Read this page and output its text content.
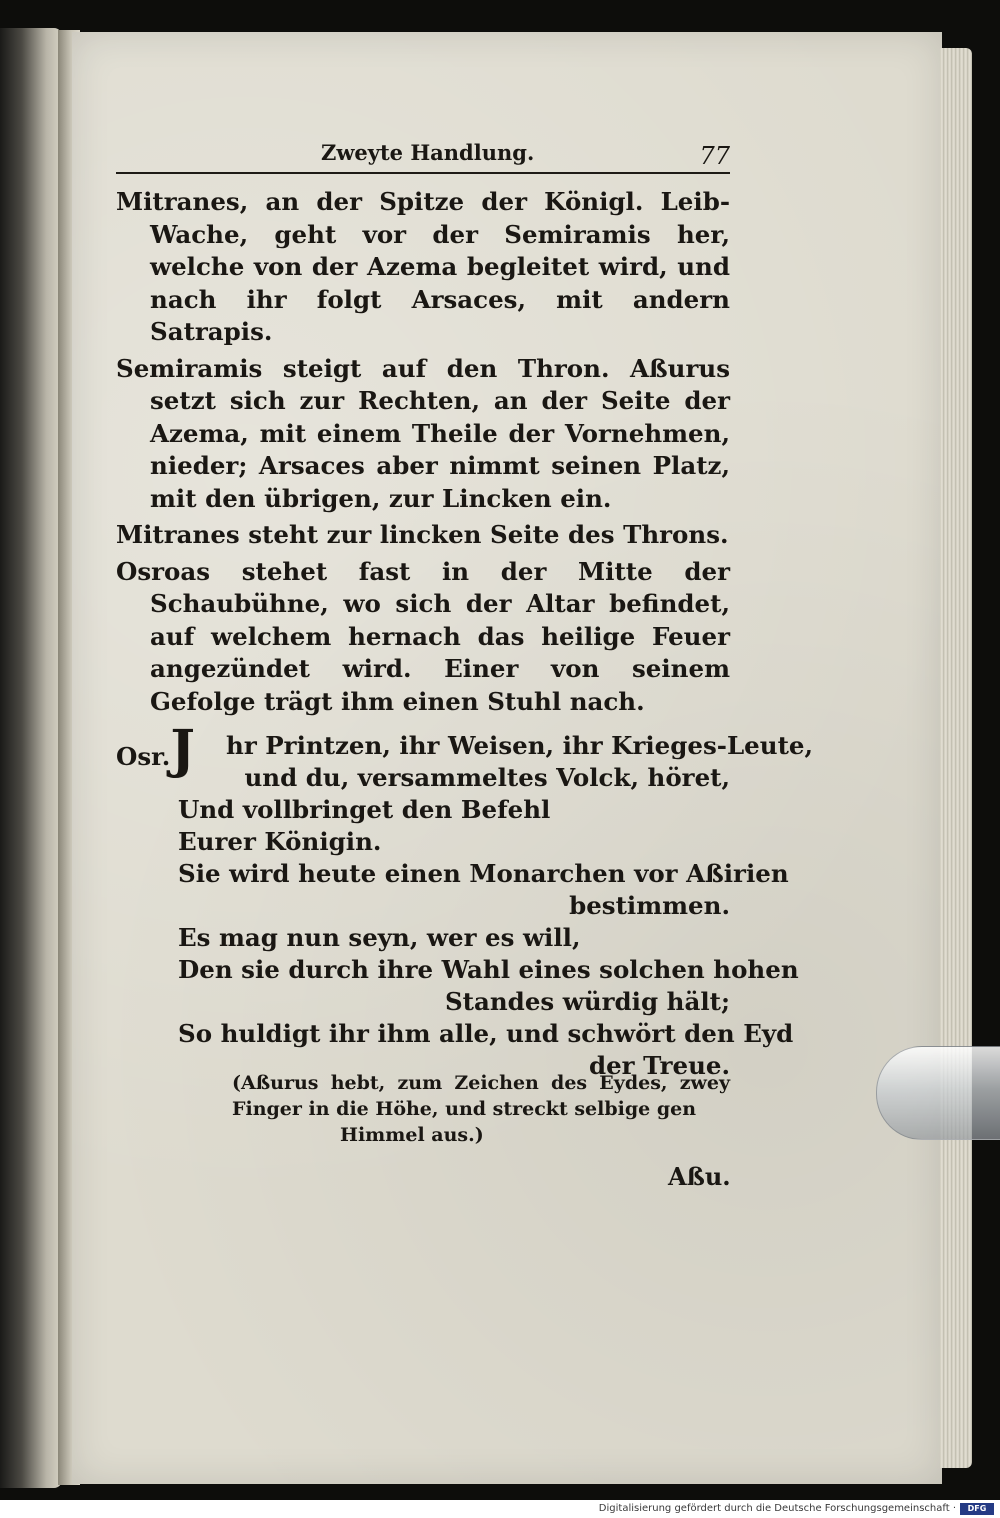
Zweyte Handlung.	77

Mitranes, an der Spitze der Königl. Leib-Wache, geht vor der Semiramis her, welche von der Azema begleitet wird, und nach ihr folgt Arsaces, mit andern Satrapis.

Semiramis steigt auf den Thron. Aßurus setzt sich zur Rechten, an der Seite der Azema, mit einem Theile der Vornehmen, nieder; Arsaces aber nimmt seinen Platz, mit den übrigen, zur Lincken ein.

Mitranes steht zur lincken Seite des Throns.

Osroas stehet fast in der Mitte der Schaubühne, wo sich der Altar befindet, auf welchem hernach das heilige Feuer angezündet wird. Einer von seinem Gefolge trägt ihm einen Stuhl nach.

Osr.J hr Printzen, ihr Weisen, ihr Krieges-Leute,
und du, versammeltes Volck, höret,
Und vollbringet den Befehl
Eurer Königin.
Sie wird heute einen Monarchen vor Aßirien
bestimmen.
Es mag nun seyn, wer es will,
Den sie durch ihre Wahl eines solchen hohen
Standes würdig hält;
So huldigt ihr ihm alle, und schwört den Eyd
der Treue.
(Aßurus hebt, zum Zeichen des Eydes, zwey Finger in die Höhe, und streckt selbige gen
Himmel aus.)
Aßu.
Digitalisierung gefördert durch die Deutsche Forschungsgemeinschaft ·	DFG
